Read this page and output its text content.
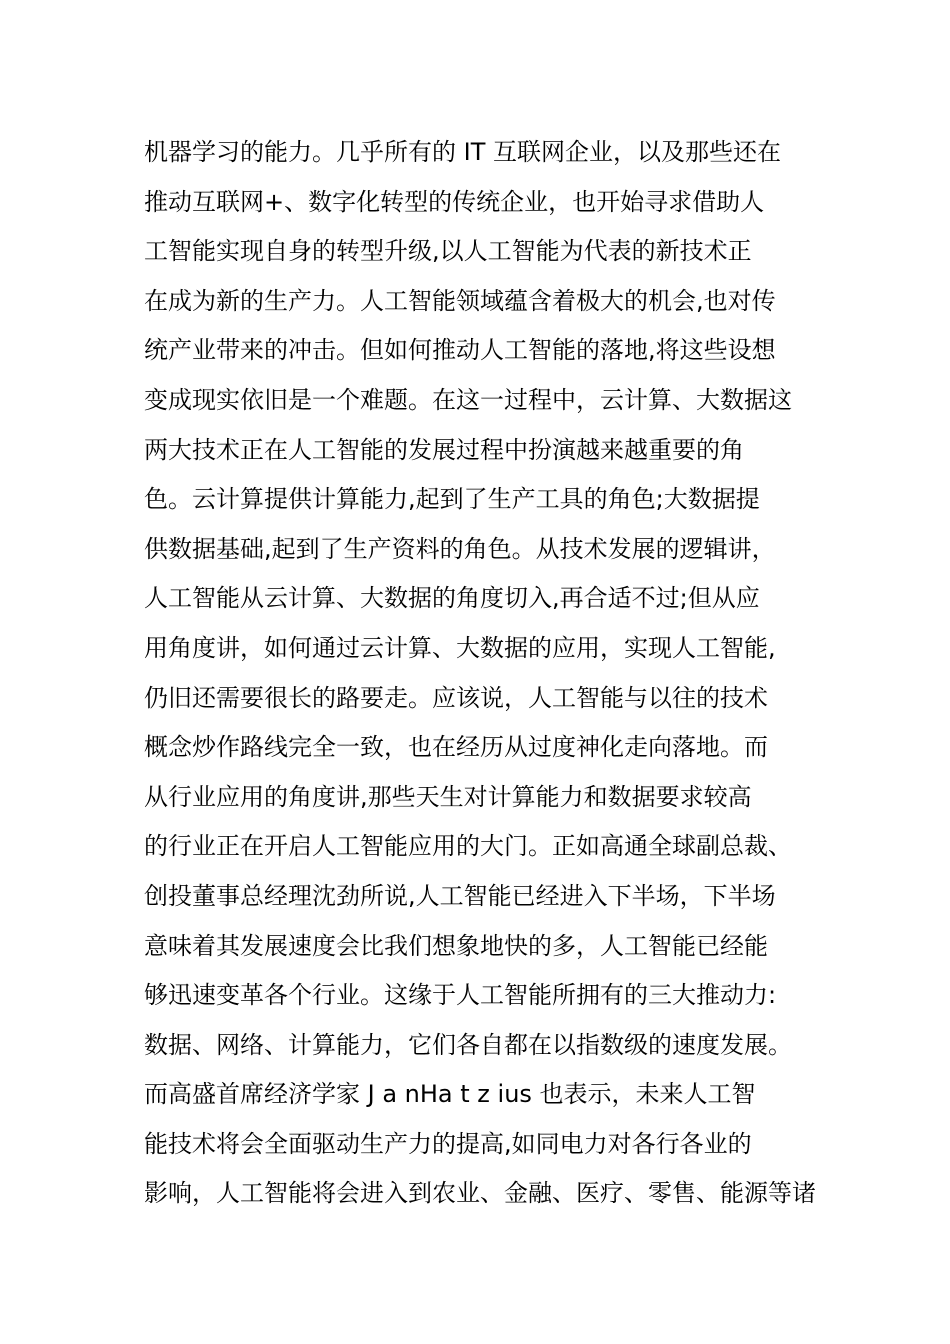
机器学习的能力。几乎所有的 IT 互联网企业，以及那些还在
推动互联网+、数字化转型的传统企业，也开始寻求借助人
工智能实现自身的转型升级,以人工智能为代表的新技术正
在成为新的生产力。人工智能领域蕴含着极大的机会,也对传
统产业带来的冲击。但如何推动人工智能的落地,将这些设想
变成现实依旧是一个难题。在这一过程中，云计算、大数据这
两大技术正在人工智能的发展过程中扮演越来越重要的角
色。云计算提供计算能力,起到了生产工具的角色;大数据提
供数据基础,起到了生产资料的角色。从技术发展的逻辑讲，
人工智能从云计算、大数据的角度切入,再合适不过;但从应
用角度讲，如何通过云计算、大数据的应用，实现人工智能,
仍旧还需要很长的路要走。应该说，人工智能与以往的技术
概念炒作路线完全一致，也在经历从过度神化走向落地。而
从行业应用的角度讲,那些天生对计算能力和数据要求较高
的行业正在开启人工智能应用的大门。正如高通全球副总裁、
创投董事总经理沈劲所说,人工智能已经进入下半场，下半场
意味着其发展速度会比我们想象地快的多，人工智能已经能
够迅速变革各个行业。这缘于人工智能所拥有的三大推动力:
数据、网络、计算能力，它们各自都在以指数级的速度发展。
而高盛首席经济学家 J a nHa t z ius 也表示，未来人工智
能技术将会全面驱动生产力的提高,如同电力对各行各业的
影响，人工智能将会进入到农业、金融、医疗、零售、能源等诸
